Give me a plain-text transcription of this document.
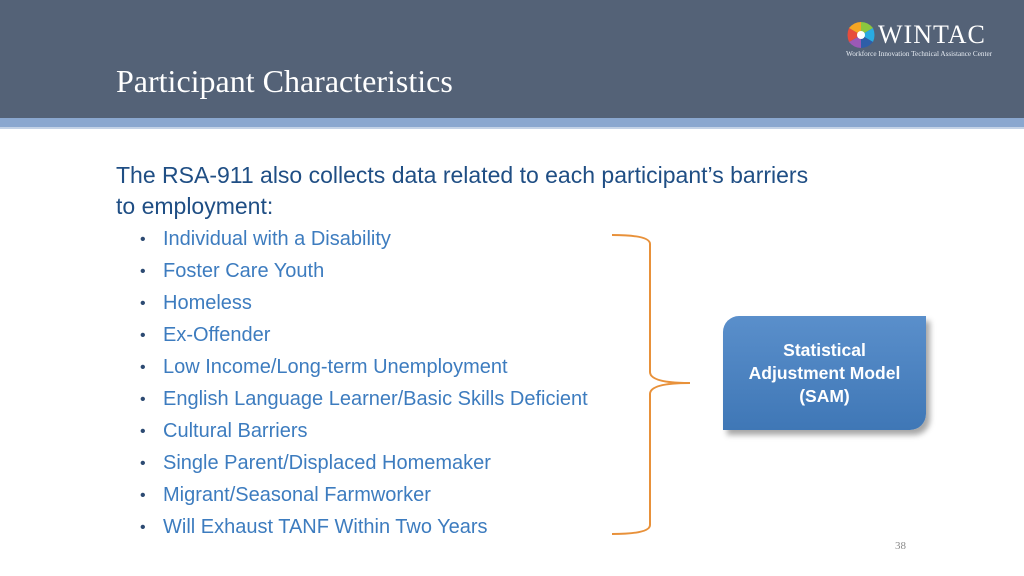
Participant Characteristics
WINTAC
Workforce Innovation Technical Assistance Center
The RSA-911 also collects data related to each participant’s barriers to employment:
• Individual with a Disability
• Foster Care Youth
• Homeless
• Ex-Offender
• Low Income/Long-term Unemployment
• English Language Learner/Basic Skills Deficient
• Cultural Barriers
• Single Parent/Displaced Homemaker
• Migrant/Seasonal Farmworker
• Will Exhaust TANF Within Two Years
Statistical
Adjustment Model
(SAM)
38
